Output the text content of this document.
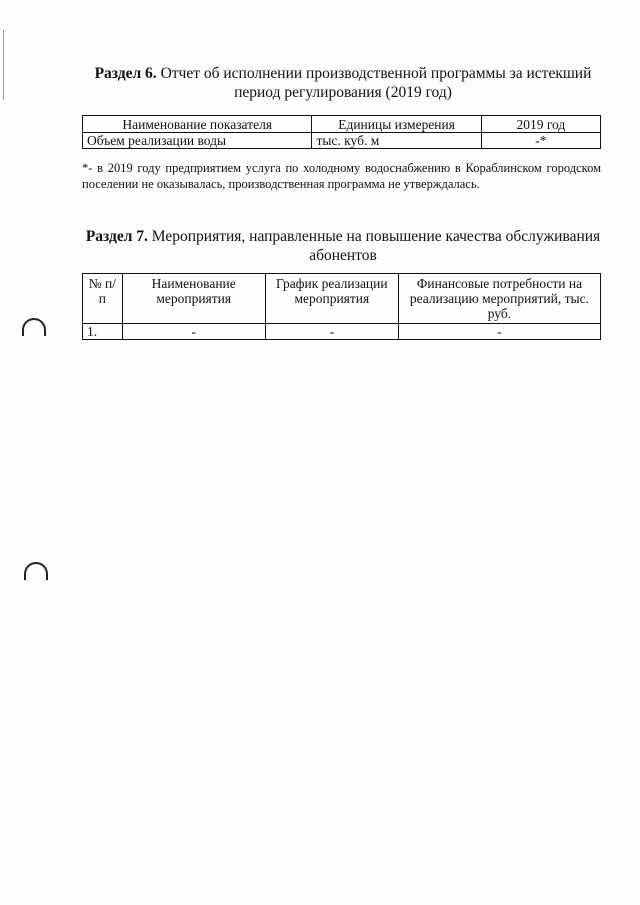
Раздел 6. Отчет об исполнении производственной программы за истекший период регулирования (2019 год)
Наименование показателя	Единицы измерения	2019 год
Объем реализации воды	тыс. куб. м	-*
*- в 2019 году предприятием услуга по холодному водоснабжению в Кораблинском городском поселении не оказывалась, производственная программа не утверждалась.
Раздел 7. Мероприятия, направленные на повышение качества обслуживания абонентов
№ п/п	Наименование мероприятия	График реализации мероприятия	Финансовые потребности на реализацию мероприятий, тыс. руб.
1.	-	-	-
